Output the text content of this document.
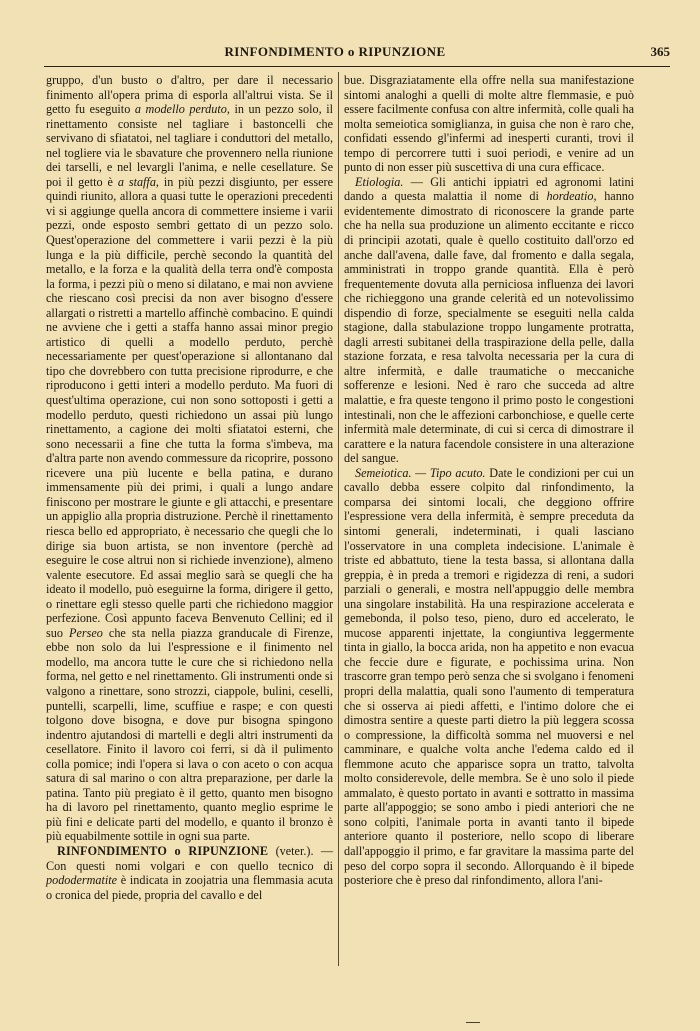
RINFONDIMENTO o RIPUNZIONE	365

gruppo, d'un busto o d'altro, per dare il necessario finimento all'opera prima di esporla all'altrui vista. Se il getto fu eseguito a modello perduto, in un pezzo solo, il rinettamento consiste nel tagliare i bastoncelli che servivano di sfiatatoi, nel tagliare i conduttori del metallo, nel togliere via le sbavature che provennero nella riunione dei tarselli, e nel levargli l'anima, e nelle cesellature. Se poi il getto è a staffa, in più pezzi disgiunto, per essere quindi riunito, allora a quasi tutte le operazioni precedenti vi si aggiunge quella ancora di commettere insieme i varii pezzi, onde esposto sembri gettato di un pezzo solo. Quest'operazione del commettere i varii pezzi è la più lunga e la più difficile, perchè secondo la quantità del metallo, e la forza e la qualità della terra ond'è composta la forma, i pezzi più o meno si dilatano, e mai non avviene che riescano così precisi da non aver bisogno d'essere allargati o ristretti a martello affinchè combacino. E quindi ne avviene che i getti a staffa hanno assai minor pregio artistico di quelli a modello perduto, perchè necessariamente per quest'operazione si allontanano dal tipo che dovrebbero con tutta precisione riprodurre, e che riproducono i getti interi a modello perduto. Ma fuori di quest'ultima operazione, cui non sono sottoposti i getti a modello perduto, questi richiedono un assai più lungo rinettamento, a cagione dei molti sfiatatoi esterni, che sono necessarii a fine che tutta la forma s'imbeva, ma d'altra parte non avendo commessure da ricoprire, possono ricevere una più lucente e bella patina, e durano immensamente più dei primi, i quali a lungo andare finiscono per mostrare le giunte e gli attacchi, e presentare un appiglio alla propria distruzione. Perchè il rinettamento riesca bello ed appropriato, è necessario che quegli che lo dirige sia buon artista, se non inventore (perchè ad eseguire le cose altrui non si richiede invenzione), almeno valente esecutore. Ed assai meglio sarà se quegli che ha ideato il modello, può eseguirne la forma, dirigere il getto, o rinettare egli stesso quelle parti che richiedono maggior perfezione. Così appunto faceva Benvenuto Cellini; ed il suo Perseo che sta nella piazza granducale di Firenze, ebbe non solo da lui l'espressione e il finimento nel modello, ma ancora tutte le cure che si richiedono nella forma, nel getto e nel rinettamento. Gli instrumenti onde si valgono a rinettare, sono strozzi, ciappole, bulini, ceselli, puntelli, scarpelli, lime, scuffiue e raspe; e con questi tolgono dove bisogna, e dove pur bisogna spingono indentro ajutandosi di martelli e degli altri instrumenti da cesellatore. Finito il lavoro coi ferri, si dà il pulimento colla pomice; indi l'opera si lava o con aceto o con acqua satura di sal marino o con altra preparazione, per darle la patina. Tanto più pregiato è il getto, quanto men bisogno ha di lavoro pel rinettamento, quanto meglio esprime le più fini e delicate parti del modello, e quanto il bronzo è più equabilmente sottile in ogni sua parte.

RINFONDIMENTO o RIPUNZIONE (veter.). — Con questi nomi volgari e con quello tecnico di pododermatite è indicata in zoojatria una flemmasia acuta o cronica del piede, propria del cavallo e del

bue. Disgraziatamente ella offre nella sua manifestazione sintomi analoghi a quelli di molte altre flemmasie, e può essere facilmente confusa con altre infermità, colle quali ha molta semeiotica somiglianza, in guisa che non è raro che, confidati essendo gl'infermi ad inesperti curanti, trovi il tempo di percorrere tutti i suoi periodi, e venire ad un punto di non esser più suscettiva di una cura efficace.

Etiologia. — Gli antichi ippiatri ed agronomi latini dando a questa malattia il nome di hordeatio, hanno evidentemente dimostrato di riconoscere la grande parte che ha nella sua produzione un alimento eccitante e ricco di principii azotati, quale è quello costituito dall'orzo ed anche dall'avena, dalle fave, dal fromento e dalla segala, amministrati in troppo grande quantità. Ella è però frequentemente dovuta alla perniciosa influenza dei lavori che richieggono una grande celerità ed un notevolissimo dispendio di forze, specialmente se eseguiti nella calda stagione, dalla stabulazione troppo lungamente protratta, dagli arresti subitanei della traspirazione della pelle, dalla stazione forzata, e resa talvolta necessaria per la cura di altre infermità, e dalle traumatiche o meccaniche sofferenze e lesioni. Ned è raro che succeda ad altre malattie, e fra queste tengono il primo posto le congestioni intestinali, non che le affezioni carbonchiose, e quelle certe infermità male determinate, di cui si cerca di dimostrare il carattere e la natura facendole consistere in una alterazione del sangue.

Semeiotica. — Tipo acuto. Date le condizioni per cui un cavallo debba essere colpito dal rinfondimento, la comparsa dei sintomi locali, che deggiono offrire l'espressione vera della infermità, è sempre preceduta da sintomi generali, indeterminati, i quali lasciano l'osservatore in una completa indecisione. L'animale è triste ed abbattuto, tiene la testa bassa, si allontana dalla greppia, è in preda a tremori e rigidezza di reni, a sudori parziali o generali, e mostra nell'appuggio delle membra una singolare instabilità. Ha una respirazione accelerata e gemebonda, il polso teso, pieno, duro ed accelerato, le mucose apparenti injettate, la congiuntiva leggermente tinta in giallo, la bocca arida, non ha appetito e non evacua che feccie dure e figurate, e pochissima urina. Non trascorre gran tempo però senza che si svolgano i fenomeni propri della malattia, quali sono l'aumento di temperatura che si osserva ai piedi affetti, e l'intimo dolore che ei dimostra sentire a queste parti dietro la più leggera scossa o compressione, la difficoltà somma nel muoversi e nel camminare, e qualche volta anche l'edema caldo ed il flemmone acuto che apparisce sopra un tratto, talvolta molto considerevole, delle membra. Se è uno solo il piede ammalato, è questo portato in avanti e sottratto in massima parte all'appoggio; se sono ambo i piedi anteriori che ne sono colpiti, l'animale porta in avanti tanto il bipede anteriore quanto il posteriore, nello scopo di liberare dall'appoggio il primo, e far gravitare la massima parte del peso del corpo sopra il secondo. Allorquando è il bipede posteriore che è preso dal rinfondimento, allora l'ani-
